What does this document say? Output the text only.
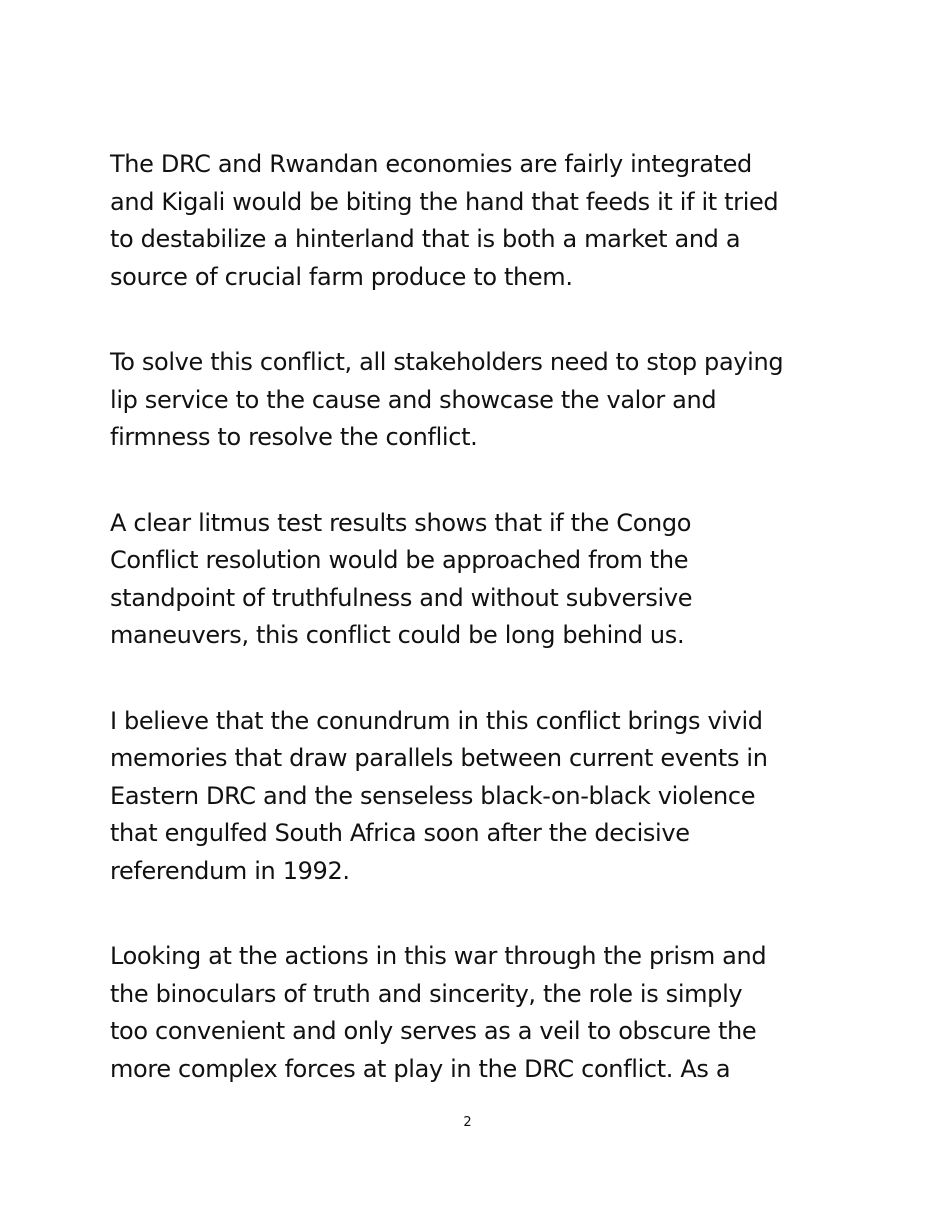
The DRC and Rwandan economies are fairly integrated
and Kigali would be biting the hand that feeds it if it tried
to destabilize a hinterland that is both a market and a
source of crucial farm produce to them.

To solve this conflict, all stakeholders need to stop paying
lip service to the cause and showcase the valor and
firmness to resolve the conflict.

A clear litmus test results shows that if the Congo
Conflict resolution would be approached from the
standpoint of truthfulness and without subversive
maneuvers, this conflict could be long behind us.

I believe that the conundrum in this conflict brings vivid
memories that draw parallels between current events in
Eastern DRC and the senseless black-on-black violence
that engulfed South Africa soon after the decisive
referendum in 1992.

Looking at the actions in this war through the prism and
the binoculars of truth and sincerity, the role is simply
too convenient and only serves as a veil to obscure the
more complex forces at play in the DRC conflict. As a

2
